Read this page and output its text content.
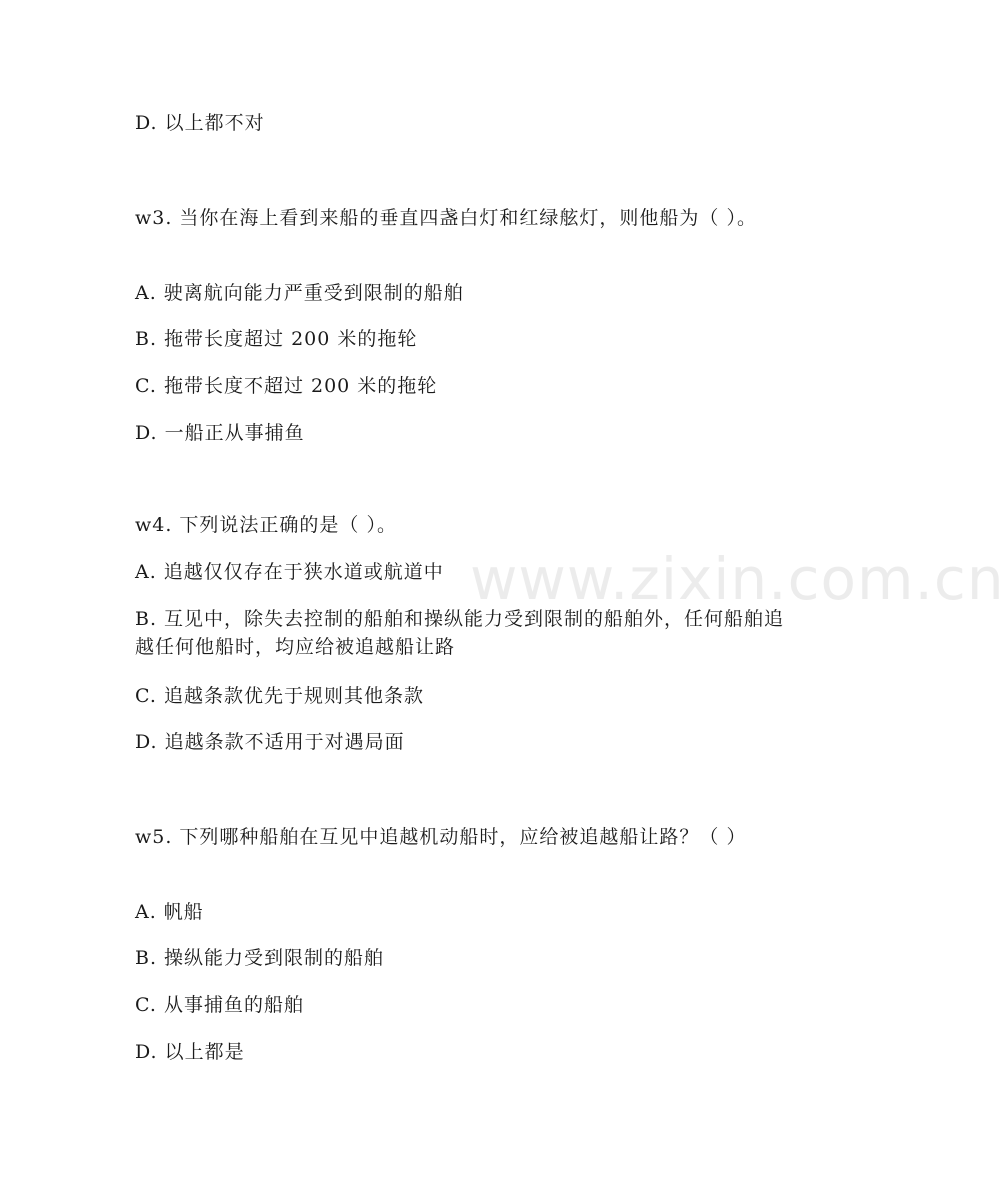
D. 以上都不对
w3. 当你在海上看到来船的垂直四盏白灯和红绿舷灯，则他船为（ ）。
A. 驶离航向能力严重受到限制的船舶
B. 拖带长度超过 200 米的拖轮
C. 拖带长度不超过 200 米的拖轮
D. 一船正从事捕鱼
w4. 下列说法正确的是（ ）。
A. 追越仅仅存在于狭水道或航道中
B. 互见中，除失去控制的船舶和操纵能力受到限制的船舶外，任何船舶追越任何他船时，均应给被追越船让路
C. 追越条款优先于规则其他条款
D. 追越条款不适用于对遇局面
w5. 下列哪种船舶在互见中追越机动船时，应给被追越船让路？（ ）
A. 帆船
B. 操纵能力受到限制的船舶
C. 从事捕鱼的船舶
D. 以上都是
www.zixin.com.cn
